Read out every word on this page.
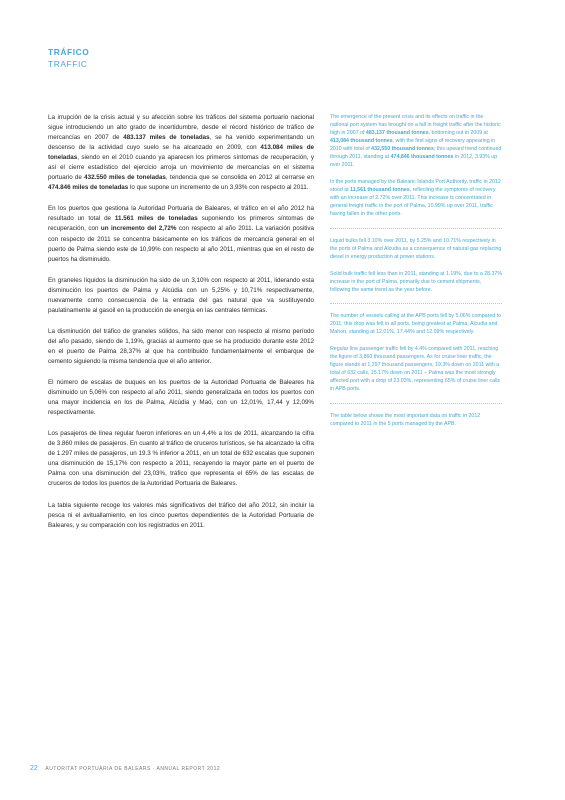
TRÁFICO
TRAFFIC

La irrupción de la crisis actual y su afección sobre los tráficos del sistema portuario nacional sigue introduciendo un alto grado de incertidumbre, desde el récord histórico de tráfico de mercancías en 2007 de 483.137 miles de toneladas, se ha venido experimentando un descenso de la actividad cuyo suelo se ha alcanzado en 2009, con 413.084 miles de toneladas, siendo en el 2010 cuando ya aparecen los primeros síntomas de recuperación, y así el cierre estadístico del ejercicio arroja un movimiento de mercancías en el sistema portuario de 432.550 miles de toneladas, tendencia que se consolida en 2012 al cerrarse en 474.846 miles de toneladas lo que supone un incremento de un 3,93% con respecto al 2011.

En los puertos que gestiona la Autoridad Portuaria de Baleares, el tráfico en el año 2012 ha resultado un total de 11.561 miles de toneladas suponiendo los primeros síntomas de recuperación, con un incremento del 2,72% con respecto al año 2011. La variación positiva con respecto de 2011 se concentra básicamente en los tráficos de mercancía general en el puerto de Palma siendo este de 10,99% con respecto al año 2011, mientras que en el resto de puertos ha disminuido.

En graneles líquidos la disminución ha sido de un 3,10% con respecto al 2011, liderando esta disminución los puertos de Palma y Alcúdia con un 5,25% y 10,71% respectivamente, nuevamente como consecuencia de la entrada del gas natural que va sustituyendo paulatinamente al gasoil en la producción de energía en las centrales térmicas.

La disminución del tráfico de graneles sólidos, ha sido menor con respecto al mismo período del año pasado, siendo de 1,19%, gracias al aumento que se ha producido durante este 2012 en el puerto de Palma 28,37% al que ha contribuido fundamentalmente el embarque de cemento siguiendo la misma tendencia que el año anterior.

El número de escalas de buques en los puertos de la Autoridad Portuaria de Baleares ha disminuido un 5,06% con respecto al año 2011, siendo generalizada en todos los puertos con una mayor incidencia en los de Palma, Alcúdia y Maó, con un 12,01%, 17,44 y 12,09% respectivamente.

Los pasajeros de línea regular fueron inferiores en un 4,4% a los de 2011, alcanzando la cifra de 3.860 miles de pasajeros. En cuanto al tráfico de cruceros turísticos, se ha alcanzado la cifra de 1.297 miles de pasajeros, un 19.3 % inferior a 2011, en un total de 632 escalas que suponen una disminución de 15,17% con respecto a 2011, recayendo la mayor parte en el puerto de Palma con una disminución del 23,03%, tráfico que representa el 65% de las escalas de cruceros de todos los puertos de la Autoridad Portuaria de Baleares.

La tabla siguiente recoge los valores más significativos del tráfico del año 2012, sin incluir la pesca ni el avituallamiento, en los cinco puertos dependientes de la Autoridad Portuaria de Baleares, y su comparación con los registrados en 2011.

The emergence of the present crisis and its effects on traffic in the national port system has brought on a fall in freight traffic after the historic high in 2007 of 483,137 thousand tonnes, bottoming out in 2009 at 413,084 thousand tonnes, with the first signs of recovery appearing in 2010 with total of 432,550 thousand tonnes; this upward trend continued through 2011, standing at 474,846 thousand tonnes in 2012, 3.93% up over 2011.

In the ports managed by the Balearic Islands Port Authority, traffic in 2012 stood at 11,561 thousand tonnes, reflecting the symptoms of recovery with an increase of 2.72% over 2011. This increase is concentrated in general freight traffic in the port of Palma, 10.99% up over 2011, traffic having fallen in the other ports.

Liquid bulks fell 3.10% over 2011, by 5.25% and 10.71% respectively in the ports of Palma and Alcudia as a consequence of natural gas replacing diesel in energy production at power stations.

Solid bulk traffic fell less than in 2011, standing at 1.19%, due to a 28.37% increase in the port of Palma, primarily due to cement shipments, following the same trend as the year before.

The number of vessels calling at the APB ports fell by 5.06% compared to 2011; this drop was felt in all ports, being greatest at Palma, Alcudia and Mahon, standing at 12.01%, 17.44% and 12.09% respectively.

Regular line passenger traffic fell by 4.4% compared with 2011, reaching the figure of 3,860 thousand passengers. As for cruise liner traffic, the figure stands at 1,297 thousand passengers, 19.3% down on 2011 with a total of 632 calls, 15.17% down on 2011 – Palma was the most strongly affected port with a drop of 23.03%, representing 65% of cruise liner calls in APB ports.

The table below shows the most important data on traffic in 2012 compared to 2011 in the 5 ports managed by the APB.

22 AUTORITAT PORTUÀRIA DE BALEARS · ANNUAL REPORT 2012
